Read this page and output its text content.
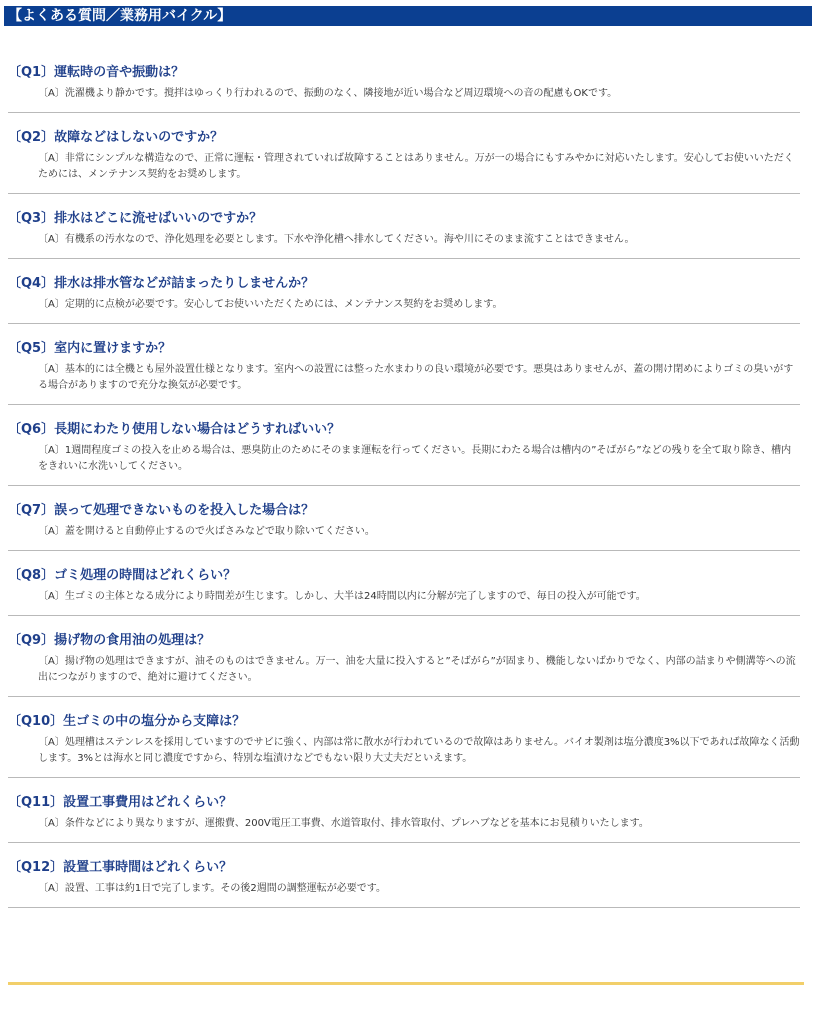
【よくある質問／業務用バイクル】
〔Q1〕運転時の音や振動は？
〔A〕洗濯機より静かです。撹拌はゆっくり行われるので、振動のなく、隣接地が近い場合など周辺環境への音の配慮もOKです。
〔Q2〕故障などはしないのですか？
〔A〕非常にシンプルな構造なので、正常に運転・管理されていれば故障することはありません。万が一の場合にもすみやかに対応いたします。安心してお使いいただくためには、メンテナンス契約をお奨めします。
〔Q3〕排水はどこに流せばいいのですか？
〔A〕有機系の汚水なので、浄化処理を必要とします。下水や浄化槽へ排水してください。海や川にそのまま流すことはできません。
〔Q4〕排水は排水管などが詰まったりしませんか？
〔A〕定期的に点検が必要です。安心してお使いいただくためには、メンテナンス契約をお奨めします。
〔Q5〕室内に置けますか？
〔A〕基本的には全機とも屋外設置仕様となります。室内への設置には整った水まわりの良い環境が必要です。悪臭はありませんが、蓋の開け閉めによりゴミの臭いがする場合がありますので充分な換気が必要です。
〔Q6〕長期にわたり使用しない場合はどうすればいい？
〔A〕1週間程度ゴミの投入を止める場合は、悪臭防止のためにそのまま運転を行ってください。長期にわたる場合は槽内の”そばがら”などの残りを全て取り除き、槽内をきれいに水洗いしてください。
〔Q7〕誤って処理できないものを投入した場合は？
〔A〕蓋を開けると自動停止するので火ばさみなどで取り除いてください。
〔Q8〕ゴミ処理の時間はどれくらい？
〔A〕生ゴミの主体となる成分により時間差が生じます。しかし、大半は24時間以内に分解が完了しますので、毎日の投入が可能です。
〔Q9〕揚げ物の食用油の処理は？
〔A〕揚げ物の処理はできますが、油そのものはできません。万一、油を大量に投入すると”そばがら”が固まり、機能しないばかりでなく、内部の詰まりや側溝等への流出につながりますので、絶対に避けてください。
〔Q10〕生ゴミの中の塩分から支障は？
〔A〕処理槽はステンレスを採用していますのでサビに強く、内部は常に散水が行われているので故障はありません。バイオ製剤は塩分濃度3%以下であれば故障なく活動します。3%とは海水と同じ濃度ですから、特別な塩漬けなどでもない限り大丈夫だといえます。
〔Q11〕設置工事費用はどれくらい？
〔A〕条件などにより異なりますが、運搬費、200V電圧工事費、水道管取付、排水管取付、プレハブなどを基本にお見積りいたします。
〔Q12〕設置工事時間はどれくらい？
〔A〕設置、工事は約1日で完了します。その後2週間の調整運転が必要です。
